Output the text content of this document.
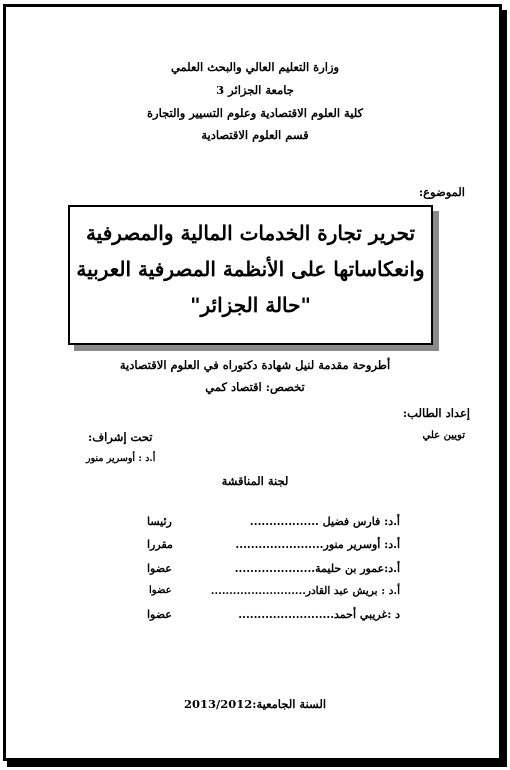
وزارة التعليم العالي والبحث العلمي
جامعة الجزائر 3
كلية العلوم الاقتصادية وعلوم التسيير والتجارة
قسم العلوم الاقتصادية
الموضوع:
تحرير تجارة الخدمات المالية والمصرفية
وانعكاساتها على الأنظمة المصرفية العربية
"حالة الجزائر"
أطروحة مقدمة لنيل شهادة دكتوراه في العلوم الاقتصادية
تخصص: اقتصاد كمي
إعداد الطالب:
تويين علي
تحت إشراف:
أ.د : أوسرير منور
لجنة المناقشة
أ.د: فارس فضيل ..................
رئيسا
أ.د: أوسرير منور.......................
مقررا
أ.د:عمور بن حليمة.....................
عضوا
أ.د : بريش عبد القادر..........................
عضوا
د :غريبي أحمد.........................
عضوا
السنة الجامعية:2013/2012
